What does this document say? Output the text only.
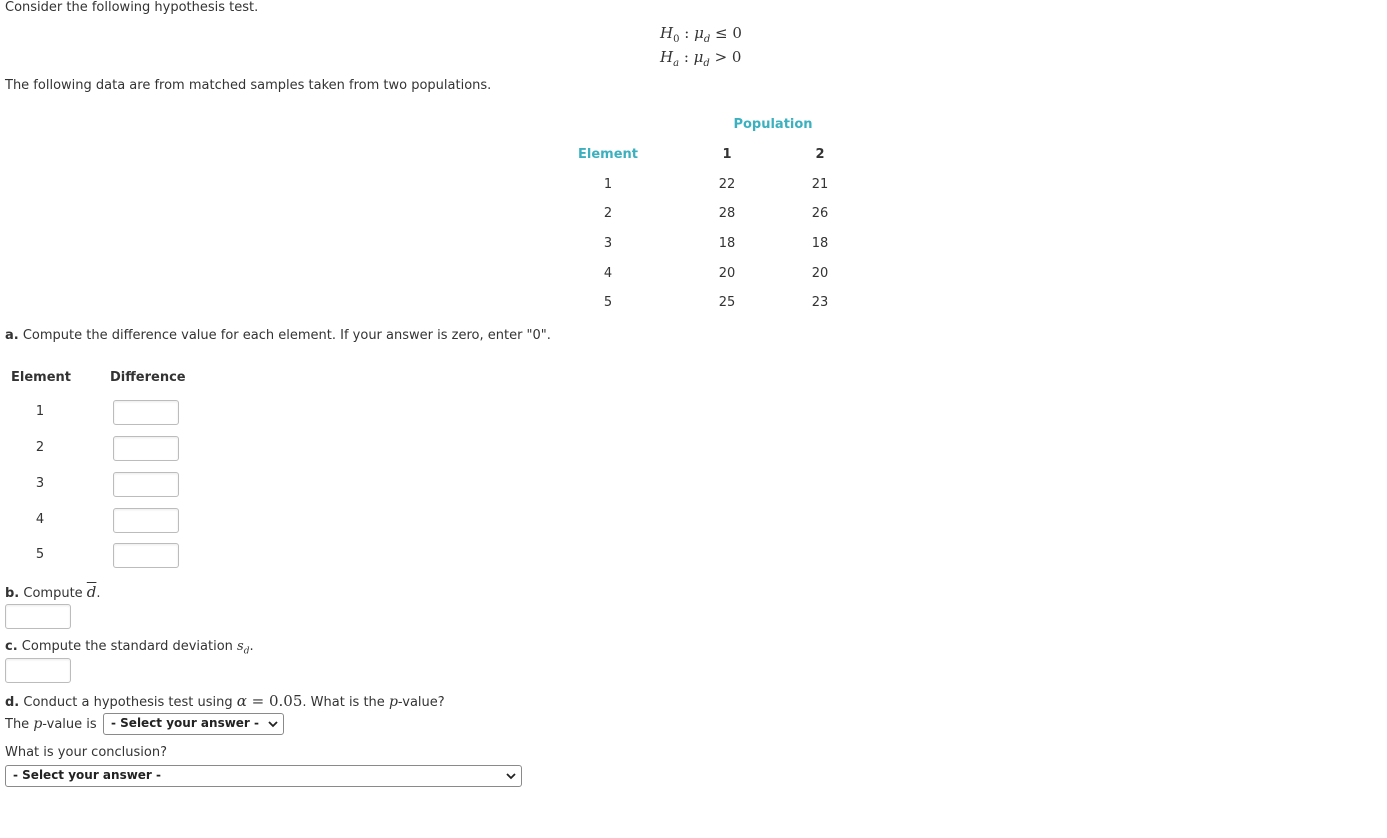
Consider the following hypothesis test.
$H_0$ : $\mu_d \le 0$
$H_a$ : $\mu_d > 0$
The following data are from matched samples taken from two populations.
Population
Element	1	2
1	22	21
2	28	26
3	18	18
4	20	20
5	25	23
a. Compute the difference value for each element. If your answer is zero, enter "0".
Element	Difference
1
2
3
4
5
b. Compute $\overline{d}$.
c. Compute the standard deviation $s_d$.
d. Conduct a hypothesis test using α = 0.05. What is the p-value?
The p-value is	- Select your answer -
What is your conclusion?
- Select your answer -
